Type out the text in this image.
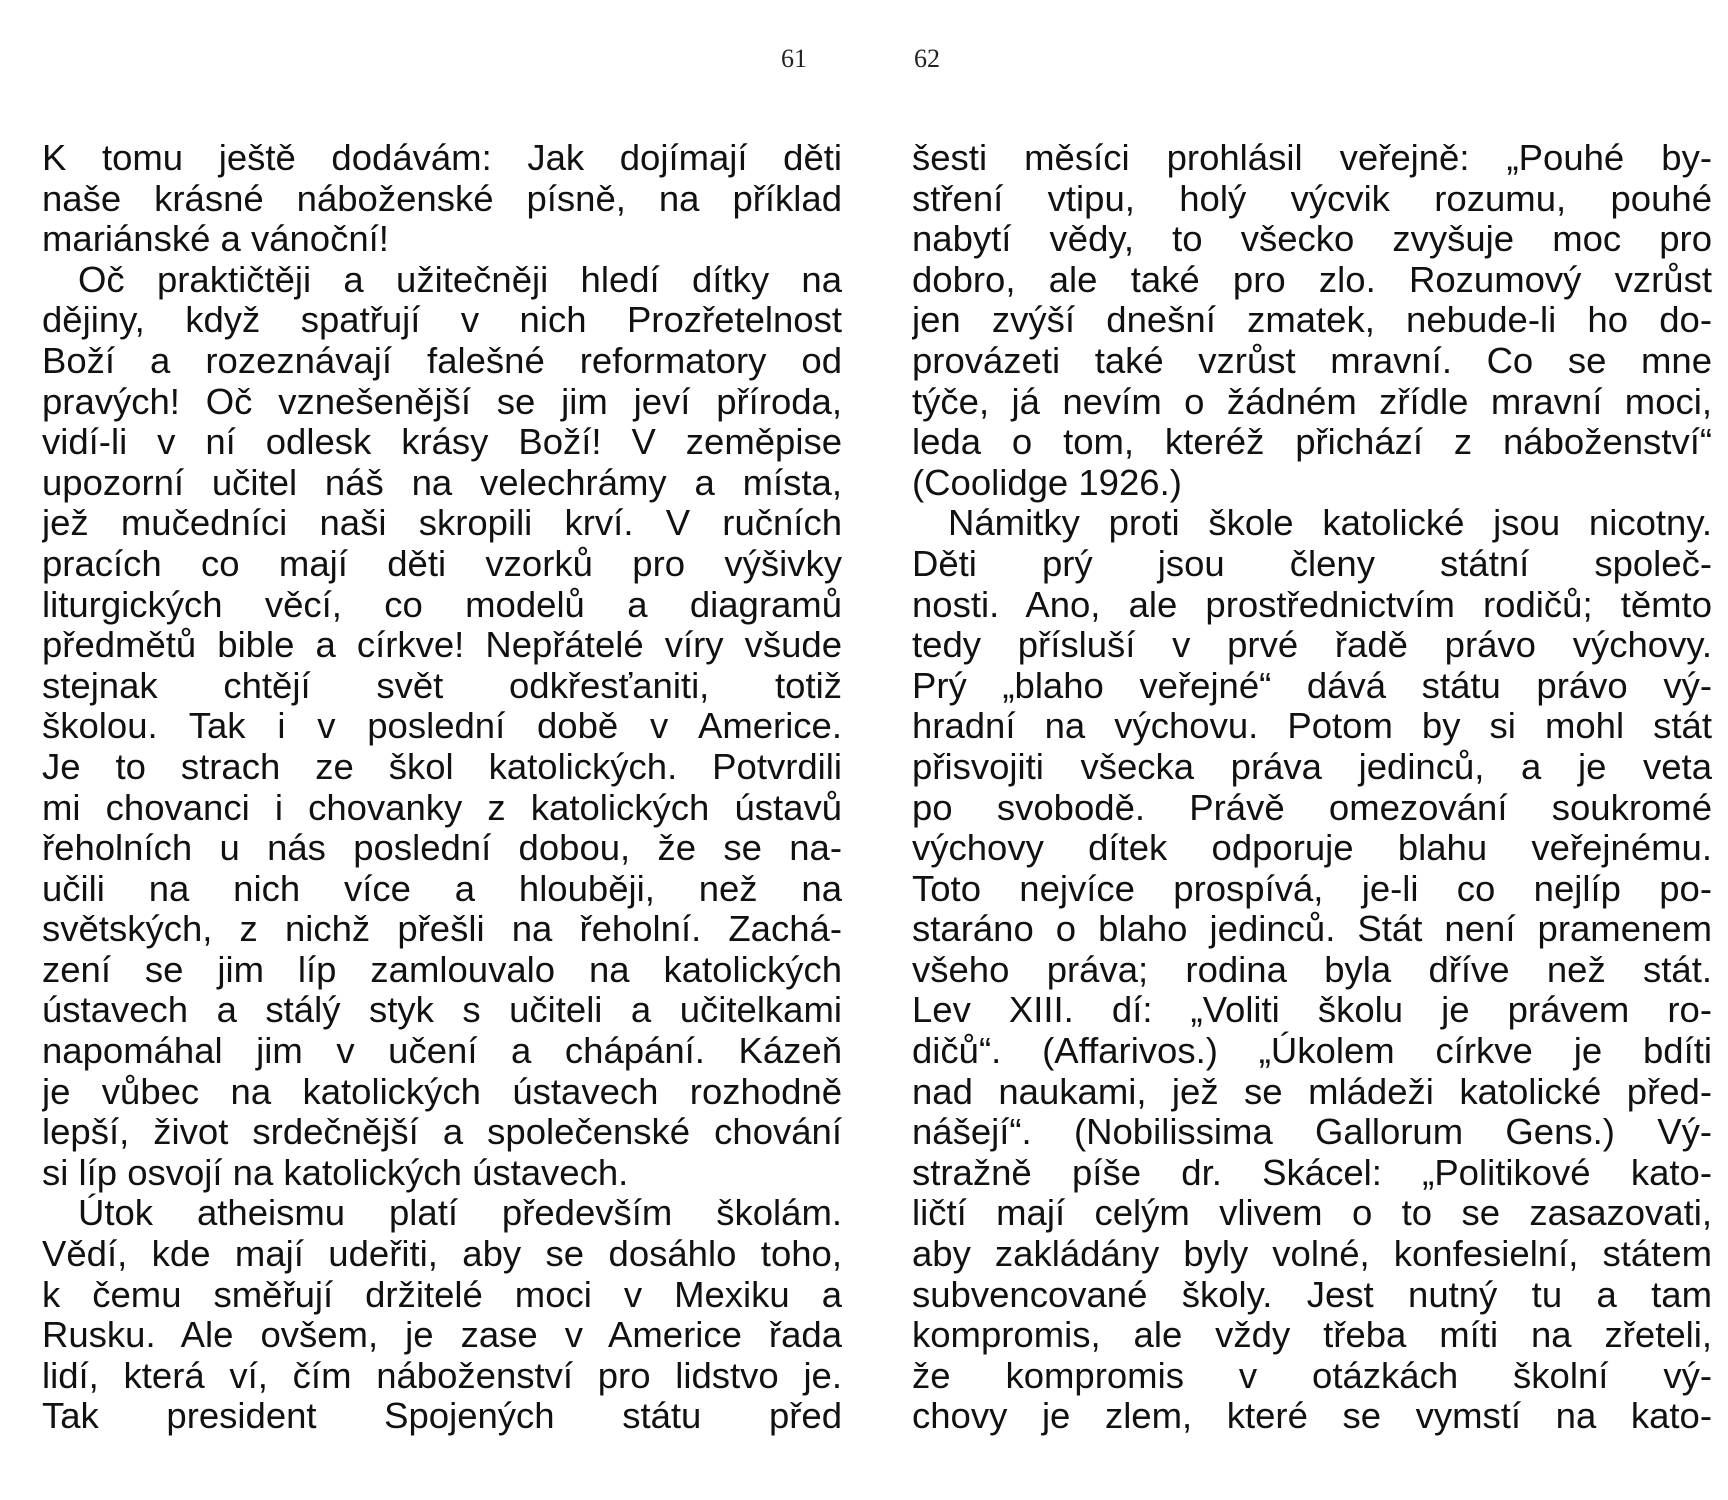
61
K tomu ještě dodávám: Jak dojímají děti
naše krásné náboženské písně, na příklad
mariánské a vánoční!
Oč praktičtěji a užitečněji hledí dítky na
dějiny, když spatřují v nich Prozřetelnost
Boží a rozeznávají falešné reformatory od
pravých! Oč vznešenější se jim jeví příroda,
vidí-li v ní odlesk krásy Boží! V zeměpise
upozorní učitel náš na velechrámy a místa,
jež mučedníci naši skropili krví. V ručních
pracích co mají děti vzorků pro výšivky
liturgických věcí, co modelů a diagramů
předmětů bible a církve! Nepřátelé víry všude
stejnak chtějí svět odkřesťaniti, totiž
školou. Tak i v poslední době v Americe.
Je to strach ze škol katolických. Potvrdili
mi chovanci i chovanky z katolických ústavů
řeholních u nás poslední dobou, že se na-
učili na nich více a hlouběji, než na
světských, z nichž přešli na řeholní. Zachá-
zení se jim líp zamlouvalo na katolických
ústavech a stálý styk s učiteli a učitelkami
napomáhal jim v učení a chápání. Kázeň
je vůbec na katolických ústavech rozhodně
lepší, život srdečnější a společenské chování
si líp osvojí na katolických ústavech.
Útok atheismu platí především školám.
Vědí, kde mají udeřiti, aby se dosáhlo toho,
k čemu směřují držitelé moci v Mexiku a
Rusku. Ale ovšem, je zase v Americe řada
lidí, která ví, čím náboženství pro lidstvo je.
Tak president Spojených státu před
62
šesti měsíci prohlásil veřejně: „Pouhé by-
stření vtipu, holý výcvik rozumu, pouhé
nabytí vědy, to všecko zvyšuje moc pro
dobro, ale také pro zlo. Rozumový vzrůst
jen zvýší dnešní zmatek, nebude-li ho do-
provázeti také vzrůst mravní. Co se mne
týče, já nevím o žádném zřídle mravní moci,
leda o tom, kteréž přichází z náboženství“
(Coolidge 1926.)
Námitky proti škole katolické jsou nicotny.
Děti prý jsou členy státní společ-
nosti. Ano, ale prostřednictvím rodičů; těmto
tedy přísluší v prvé řadě právo výchovy.
Prý „blaho veřejné“ dává státu právo vý-
hradní na výchovu. Potom by si mohl stát
přisvojiti všecka práva jedinců, a je veta
po svobodě. Právě omezování soukromé
výchovy dítek odporuje blahu veřejnému.
Toto nejvíce prospívá, je-li co nejlíp po-
staráno o blaho jedinců. Stát není pramenem
všeho práva; rodina byla dříve než stát.
Lev XIII. dí: „Voliti školu je právem ro-
dičů“. (Affarivos.) „Úkolem církve je bdíti
nad naukami, jež se mládeži katolické před-
nášejí“. (Nobilissima Gallorum Gens.) Vý-
stražně píše dr. Skácel: „Politikové kato-
ličtí mají celým vlivem o to se zasazovati,
aby zakládány byly volné, konfesielní, státem
subvencované školy. Jest nutný tu a tam
kompromis, ale vždy třeba míti na zřeteli,
že kompromis v otázkách školní vý-
chovy je zlem, které se vymstí na kato-
